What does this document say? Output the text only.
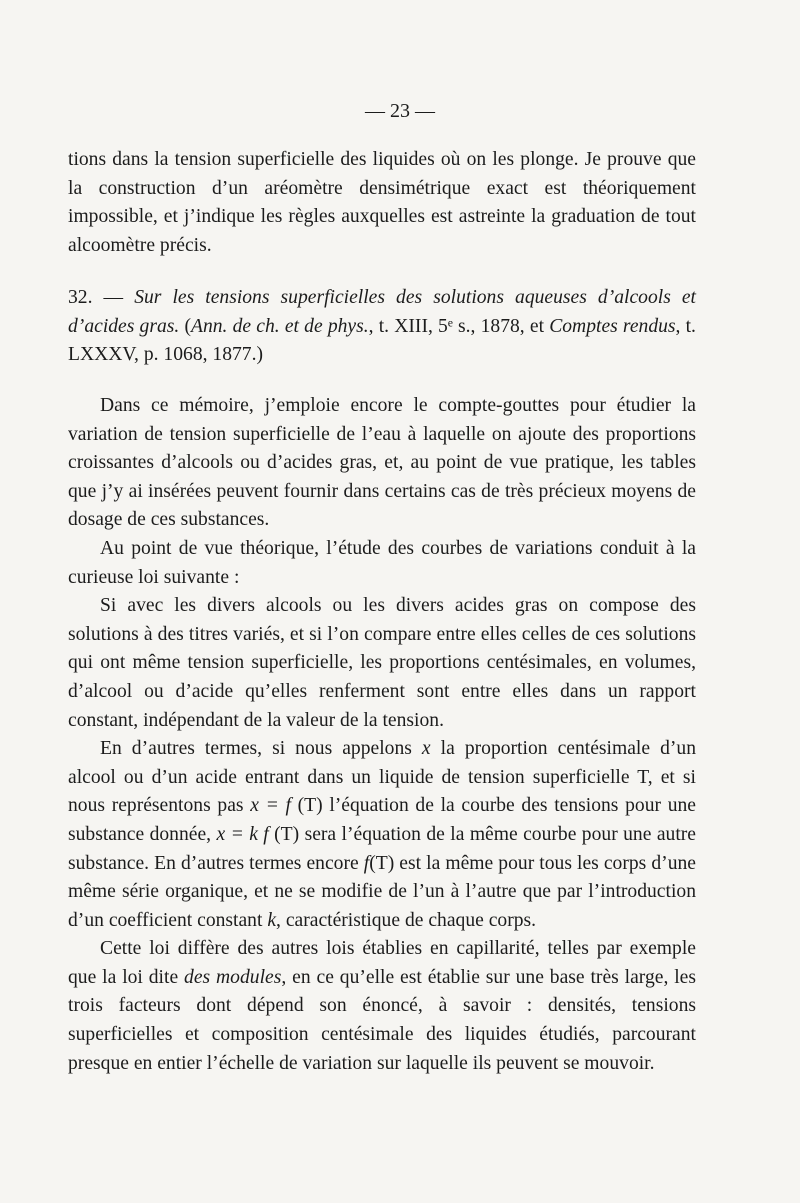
— 23 —

tions dans la tension superficielle des liquides où on les plonge. Je prouve que la construction d’un aréomètre densimétrique exact est théoriquement impossible, et j’indique les règles auxquelles est astreinte la graduation de tout alcoomètre précis.

32. — Sur les tensions superficielles des solutions aqueuses d’alcools et d’acides gras. (Ann. de ch. et de phys., t. XIII, 5ᵉ s., 1878, et Comptes rendus, t. LXXXV, p. 1068, 1877.)

Dans ce mémoire, j’emploie encore le compte-gouttes pour étudier la variation de tension superficielle de l’eau à laquelle on ajoute des proportions croissantes d’alcools ou d’acides gras, et, au point de vue pratique, les tables que j’y ai insérées peuvent fournir dans certains cas de très précieux moyens de dosage de ces substances.

Au point de vue théorique, l’étude des courbes de variations conduit à la curieuse loi suivante :

Si avec les divers alcools ou les divers acides gras on compose des solutions à des titres variés, et si l’on compare entre elles celles de ces solutions qui ont même tension superficielle, les proportions centésimales, en volumes, d’alcool ou d’acide qu’elles renferment sont entre elles dans un rapport constant, indépendant de la valeur de la tension.

En d’autres termes, si nous appelons x la proportion centésimale d’un alcool ou d’un acide entrant dans un liquide de tension superficielle T, et si nous représentons pas x = f (T) l’équation de la courbe des tensions pour une substance donnée, x = k f (T) sera l’équation de la même courbe pour une autre substance. En d’autres termes encore f(T) est la même pour tous les corps d’une même série organique, et ne se modifie de l’un à l’autre que par l’introduction d’un coefficient constant k, caractéristique de chaque corps.

Cette loi diffère des autres lois établies en capillarité, telles par exemple que la loi dite des modules, en ce qu’elle est établie sur une base très large, les trois facteurs dont dépend son énoncé, à savoir : densités, tensions superficielles et composition centésimale des liquides étudiés, parcourant presque en entier l’échelle de variation sur laquelle ils peuvent se mouvoir.
